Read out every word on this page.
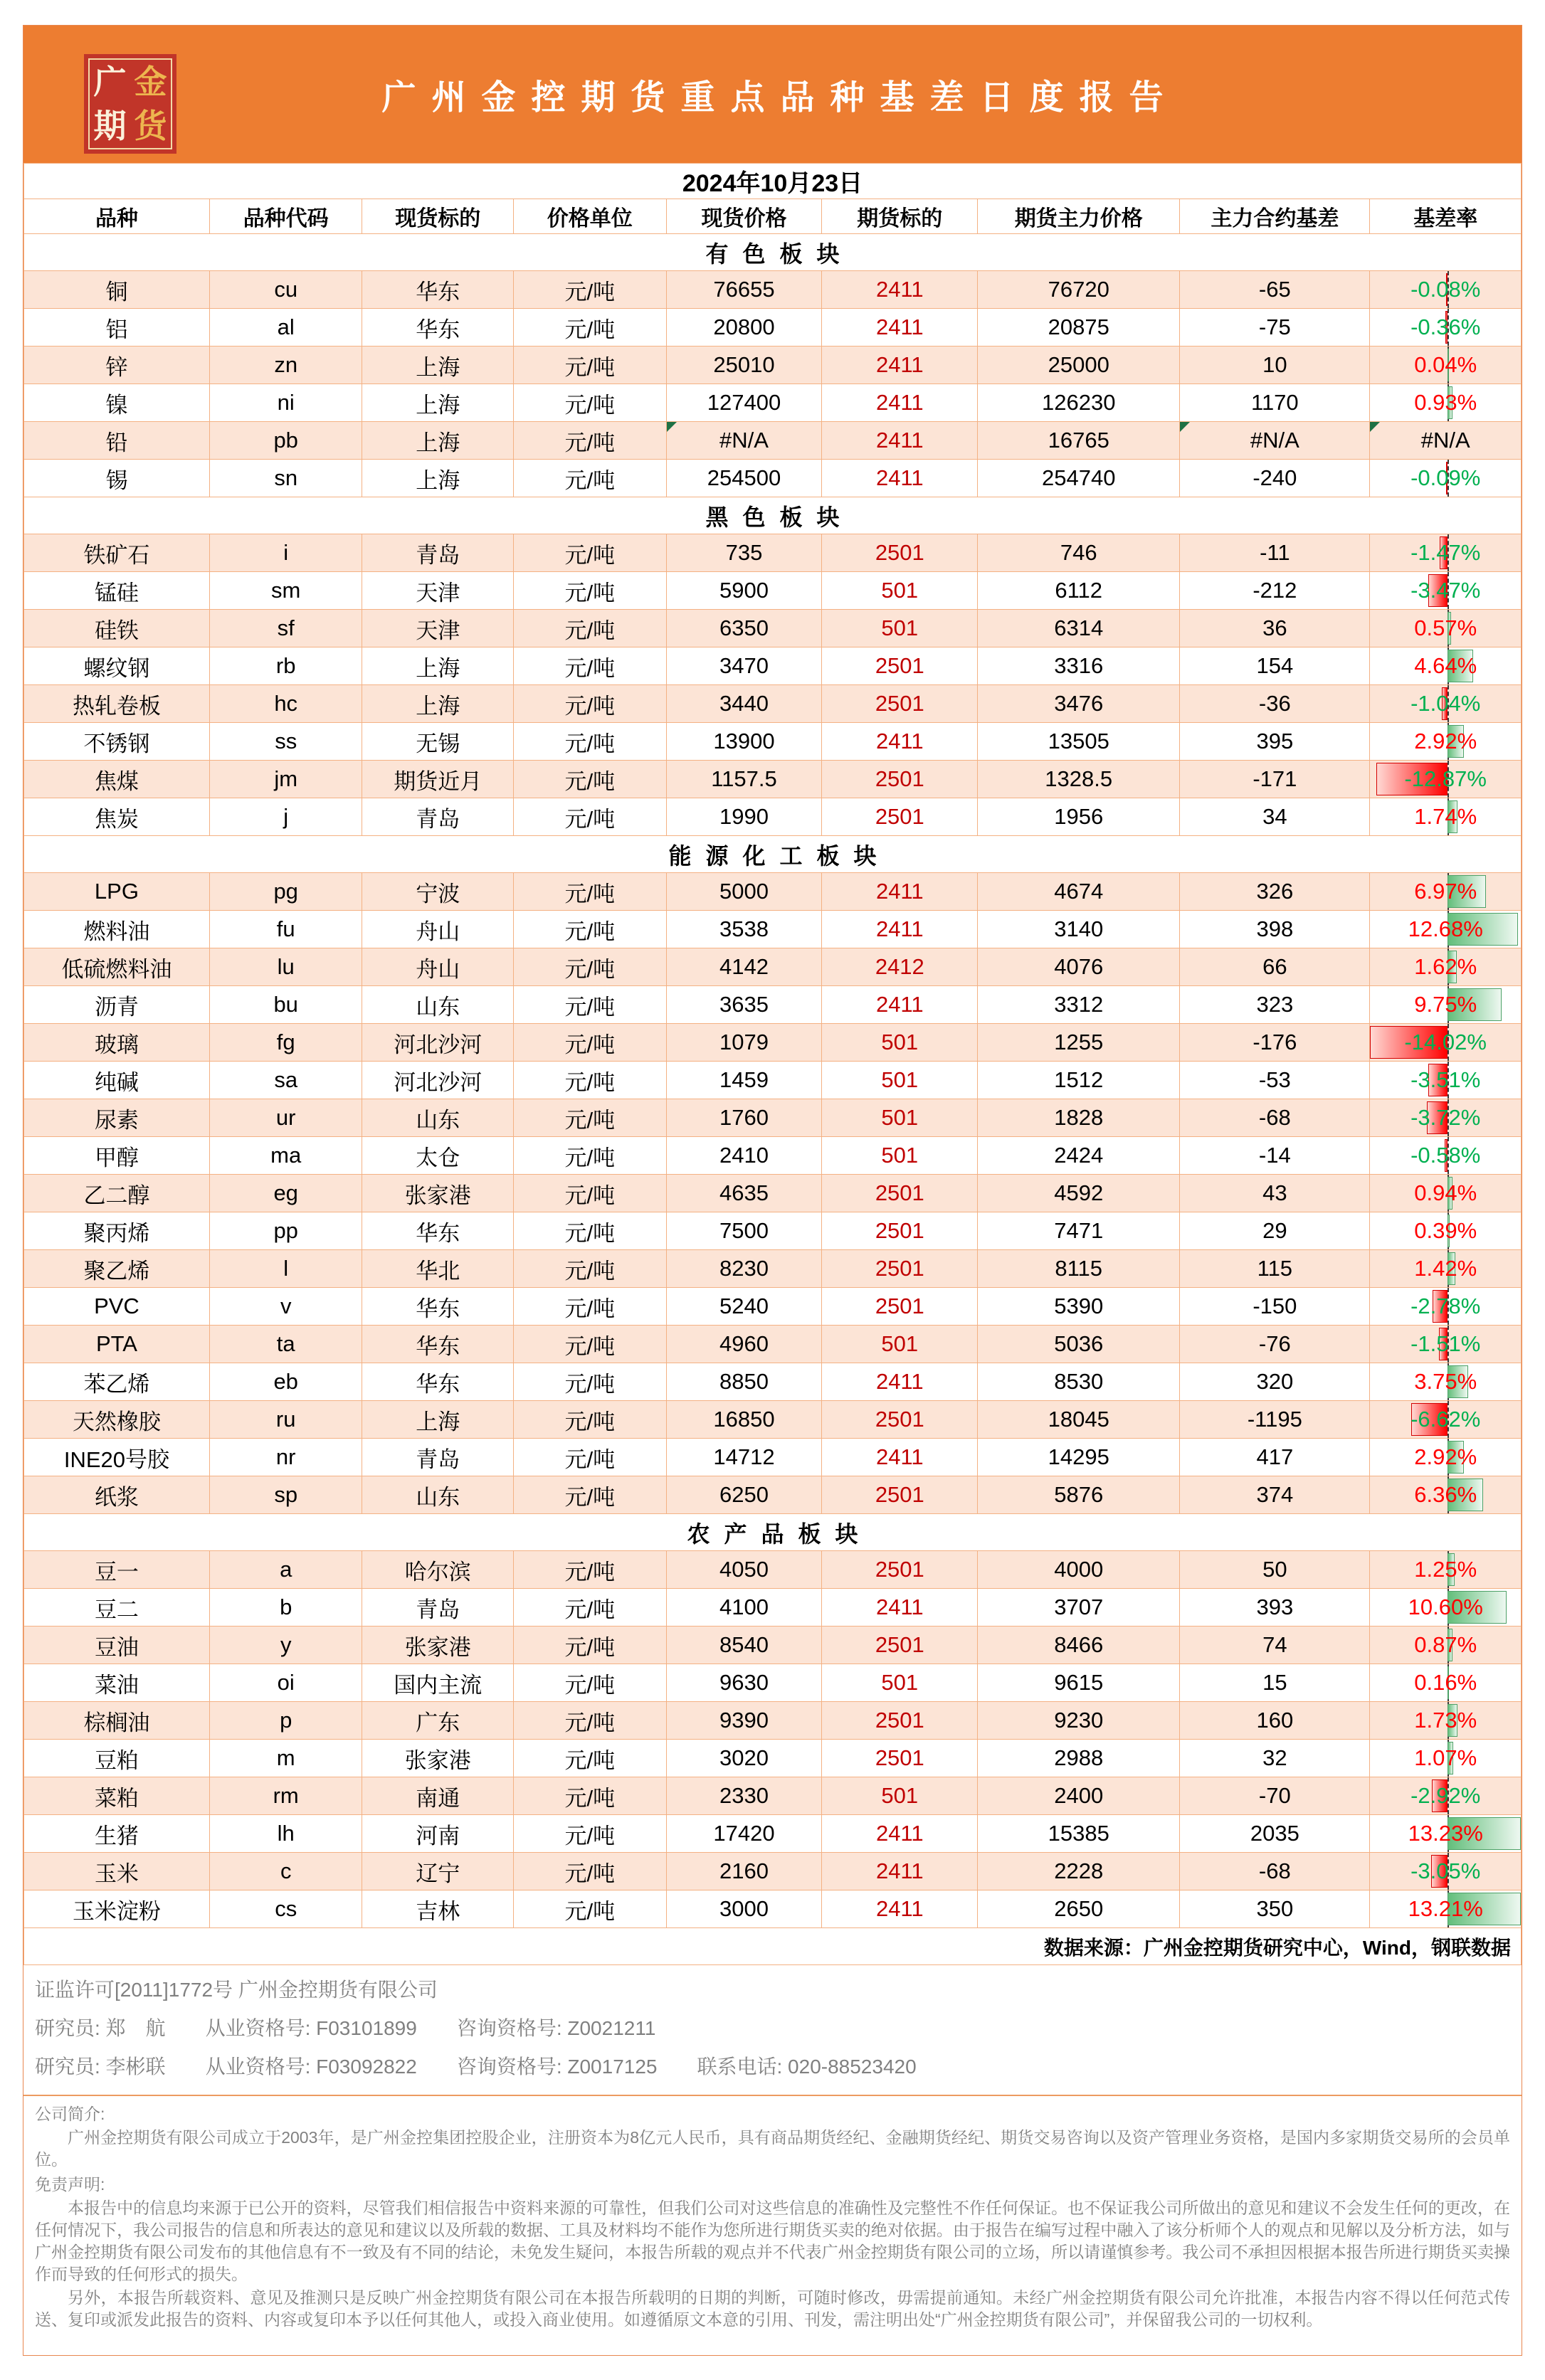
广 金
期 货
广州金控期货重点品种基差日度报告
2024年10月23日								
品种	品种代码	现货标的	价格单位	现货价格	期货标的	期货主力价格	主力合约基差	基差率
有色板块								
铜	cu	华东	元/吨	76655	2411	76720	-65	-0.08%
铝	al	华东	元/吨	20800	2411	20875	-75	-0.36%
锌	zn	上海	元/吨	25010	2411	25000	10	0.04%
镍	ni	上海	元/吨	127400	2411	126230	1170	0.93%
铅	pb	上海	元/吨	#N/A	2411	16765	#N/A	#N/A

锡	sn	上海	元/吨	254500	2411	254740	-240	-0.09%
黑色板块								
铁矿石	i	青岛	元/吨	735	2501	746	-11	-1.47%
锰硅	sm	天津	元/吨	5900	501	6112	-212	-3.47%
硅铁	sf	天津	元/吨	6350	501	6314	36	0.57%
螺纹钢	rb	上海	元/吨	3470	2501	3316	154	4.64%
热轧卷板	hc	上海	元/吨	3440	2501	3476	-36	-1.04%
不锈钢	ss	无锡	元/吨	13900	2411	13505	395	2.92%
焦煤	jm	期货近月	元/吨	1157.5	2501	1328.5	-171	-12.87%
焦炭	j	青岛	元/吨	1990	2501	1956	34	1.74%
能源化工板块								
LPG	pg	宁波	元/吨	5000	2411	4674	326	6.97%
燃料油	fu	舟山	元/吨	3538	2411	3140	398	12.68%
低硫燃料油	lu	舟山	元/吨	4142	2412	4076	66	1.62%
沥青	bu	山东	元/吨	3635	2411	3312	323	9.75%
玻璃	fg	河北沙河	元/吨	1079	501	1255	-176	-14.02%
纯碱	sa	河北沙河	元/吨	1459	501	1512	-53	-3.51%
尿素	ur	山东	元/吨	1760	501	1828	-68	-3.72%
甲醇	ma	太仓	元/吨	2410	501	2424	-14	-0.58%
乙二醇	eg	张家港	元/吨	4635	2501	4592	43	0.94%
聚丙烯	pp	华东	元/吨	7500	2501	7471	29	0.39%
聚乙烯	l	华北	元/吨	8230	2501	8115	115	1.42%
PVC	v	华东	元/吨	5240	2501	5390	-150	-2.78%
PTA	ta	华东	元/吨	4960	501	5036	-76	-1.51%
苯乙烯	eb	华东	元/吨	8850	2411	8530	320	3.75%
天然橡胶	ru	上海	元/吨	16850	2501	18045	-1195	-6.62%
INE20号胶	nr	青岛	元/吨	14712	2411	14295	417	2.92%
纸浆	sp	山东	元/吨	6250	2501	5876	374	6.36%
农产品板块								
豆一	a	哈尔滨	元/吨	4050	2501	4000	50	1.25%
豆二	b	青岛	元/吨	4100	2411	3707	393	10.60%
豆油	y	张家港	元/吨	8540	2501	8466	74	0.87%
菜油	oi	国内主流	元/吨	9630	501	9615	15	0.16%
棕榈油	p	广东	元/吨	9390	2501	9230	160	1.73%
豆粕	m	张家港	元/吨	3020	2501	2988	32	1.07%
菜粕	rm	南通	元/吨	2330	501	2400	-70	-2.92%
生猪	lh	河南	元/吨	17420	2411	15385	2035	13.23%
玉米	c	辽宁	元/吨	2160	2411	2228	-68	-3.05%
玉米淀粉	cs	吉林	元/吨	3000	2411	2650	350	13.21%
数据来源：广州金控期货研究中心，Wind，钢联数据								
证监许可[2011]1772号 广州金控期货有限公司
研究员: 郑　航 从业资格号: F03101899 咨询资格号: Z0021211
研究员: 李彬联 从业资格号: F03092822 咨询资格号: Z0017125 联系电话: 020-88523420
公司简介:
广州金控期货有限公司成立于2003年，是广州金控集团控股企业，注册资本为8亿元人民币，具有商品期货经纪、金融期货经纪、期货交易咨询以及资产管理业务资格，是国内多家期货交易所的会员单位。
免责声明:
本报告中的信息均来源于已公开的资料，尽管我们相信报告中资料来源的可靠性，但我们公司对这些信息的准确性及完整性不作任何保证。也不保证我公司所做出的意见和建议不会发生任何的更改，在任何情况下，我公司报告的信息和所表达的意见和建议以及所载的数据、工具及材料均不能作为您所进行期货买卖的绝对依据。由于报告在编写过程中融入了该分析师个人的观点和见解以及分析方法，如与广州金控期货有限公司发布的其他信息有不一致及有不同的结论，未免发生疑问，本报告所载的观点并不代表广州金控期货有限公司的立场，所以请谨慎参考。我公司不承担因根据本报告所进行期货买卖操作而导致的任何形式的损失。
另外，本报告所载资料、意见及推测只是反映广州金控期货有限公司在本报告所载明的日期的判断，可随时修改，毋需提前通知。未经广州金控期货有限公司允许批准，本报告内容不得以任何范式传送、复印或派发此报告的资料、内容或复印本予以任何其他人，或投入商业使用。如遵循原文本意的引用、刊发，需注明出处“广州金控期货有限公司”，并保留我公司的一切权利。
